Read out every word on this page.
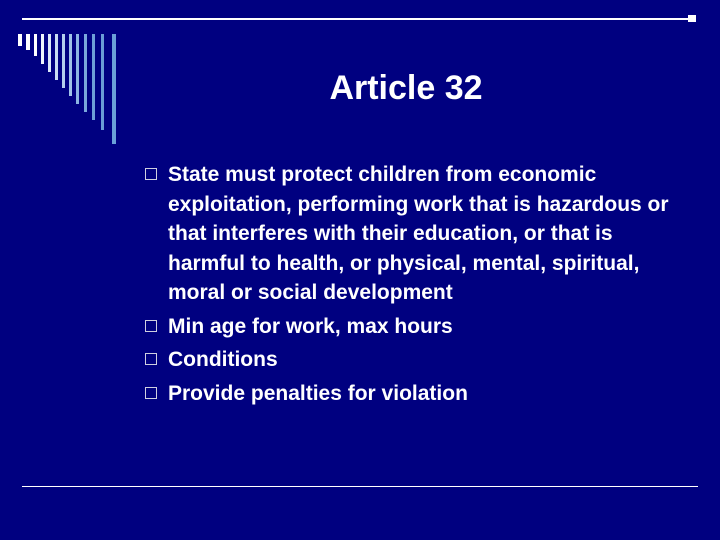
Article 32
State must protect children from economic exploitation, performing work that is hazardous or that interferes with their education, or that is harmful to health, or physical, mental, spiritual, moral or social development
Min age for work, max hours
Conditions
Provide penalties for violation
